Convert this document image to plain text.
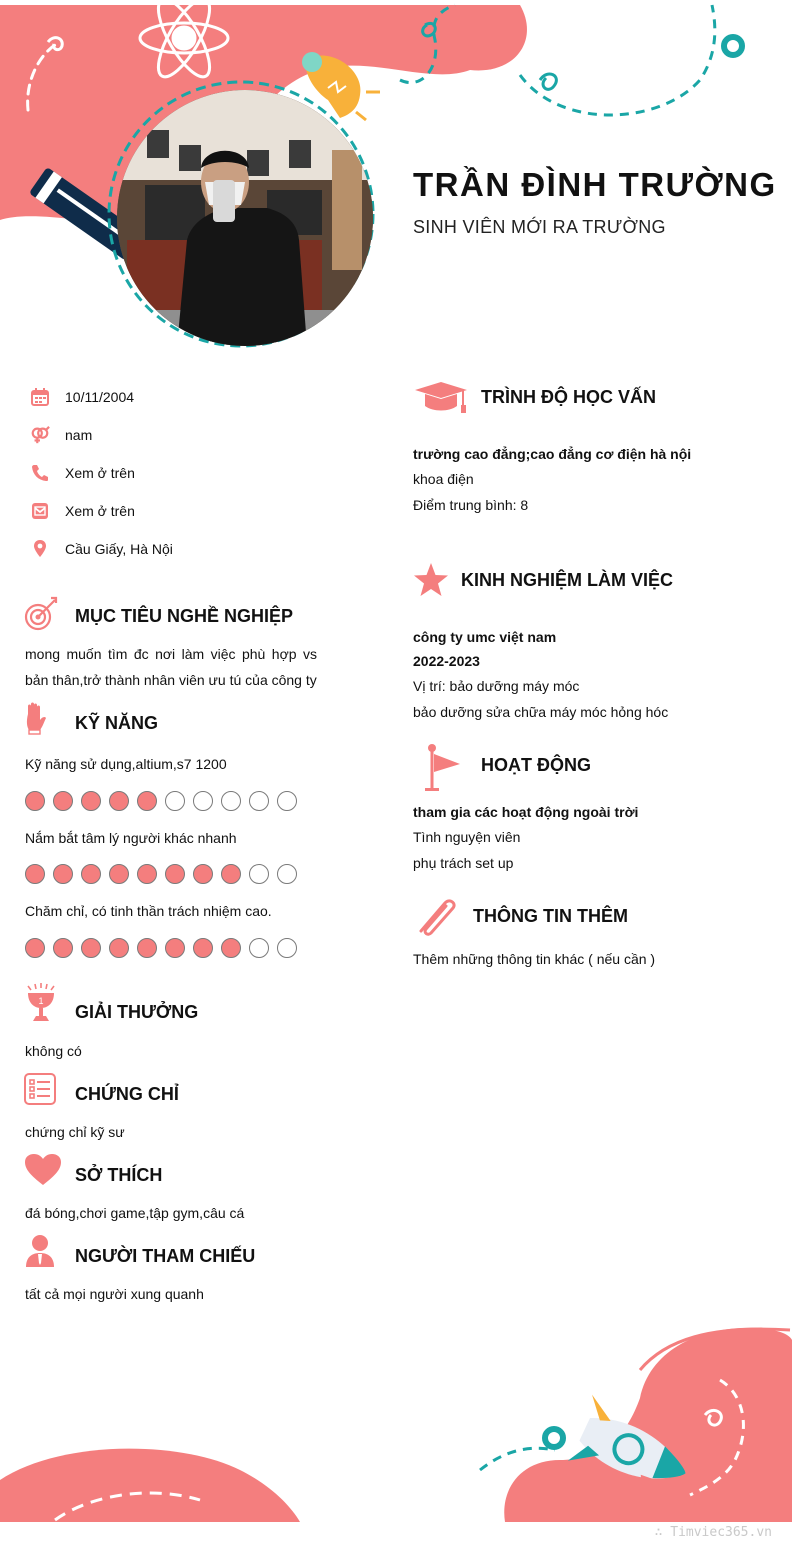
TRẦN ĐÌNH TRƯỜNG
SINH VIÊN MỚI RA TRƯỜNG
10/11/2004
nam
Xem ở trên
Xem ở trên
Cầu Giấy, Hà Nội
MỤC TIÊU NGHỀ NGHIỆP
mong muốn tìm đc nơi làm việc phù hợp vs bản thân,trở thành nhân viên ưu tú của công ty
KỸ NĂNG
Kỹ năng sử dụng,altium,s7 1200
Nắm bắt tâm lý người khác nhanh
Chăm chỉ, có tinh thần trách nhiệm cao.
1
GIẢI THƯỞNG
không có
CHỨNG CHỈ
chứng chỉ kỹ sư
SỞ THÍCH
đá bóng,chơi game,tập gym,câu cá
NGƯỜI THAM CHIẾU
tất cả mọi người xung quanh
TRÌNH ĐỘ HỌC VẤN
trường cao đẳng;cao đẳng cơ điện hà nội
khoa điện
Điểm trung bình: 8
KINH NGHIỆM LÀM VIỆC
công ty umc việt nam
2022-2023
Vị trí: bảo dưỡng máy móc
bảo dưỡng sửa chữa máy móc hỏng hóc
HOẠT ĐỘNG
tham gia các hoạt động ngoài trời
Tình nguyện viên
phụ trách set up
THÔNG TIN THÊM
Thêm những thông tin khác ( nếu cần )
∴ Timviec365.vn
